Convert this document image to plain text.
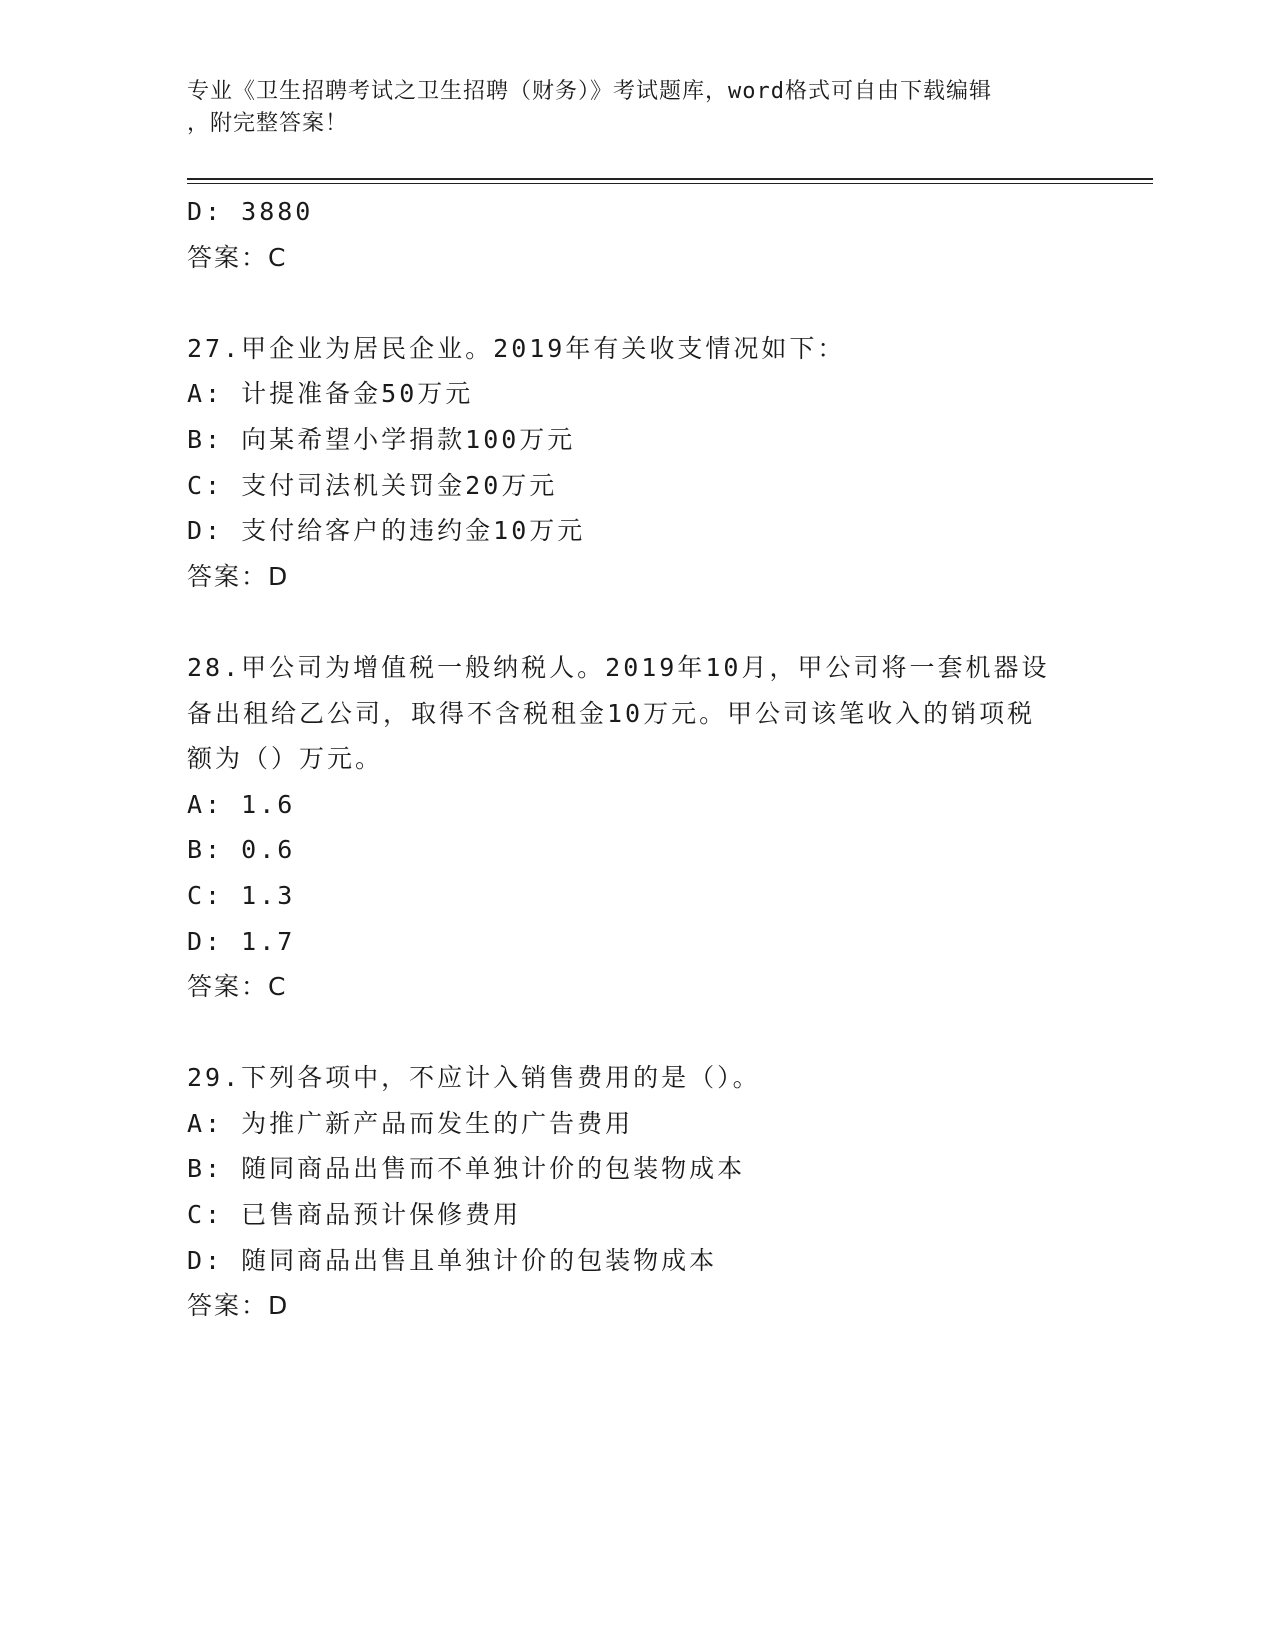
专业《卫生招聘考试之卫生招聘（财务）》考试题库，word格式可自由下载编辑
，附完整答案！
D: 3880
答案：C
27.甲企业为居民企业。2019年有关收支情况如下：
A: 计提准备金50万元
B: 向某希望小学捐款100万元
C: 支付司法机关罚金20万元
D: 支付给客户的违约金10万元
答案：D
28.甲公司为增值税一般纳税人。2019年10月，甲公司将一套机器设
备出租给乙公司，取得不含税租金10万元。甲公司该笔收入的销项税
额为（）万元。
A: 1.6
B: 0.6
C: 1.3
D: 1.7
答案：C
29.下列各项中，不应计入销售费用的是（）。
A: 为推广新产品而发生的广告费用
B: 随同商品出售而不单独计价的包装物成本
C: 已售商品预计保修费用
D: 随同商品出售且单独计价的包装物成本
答案：D
